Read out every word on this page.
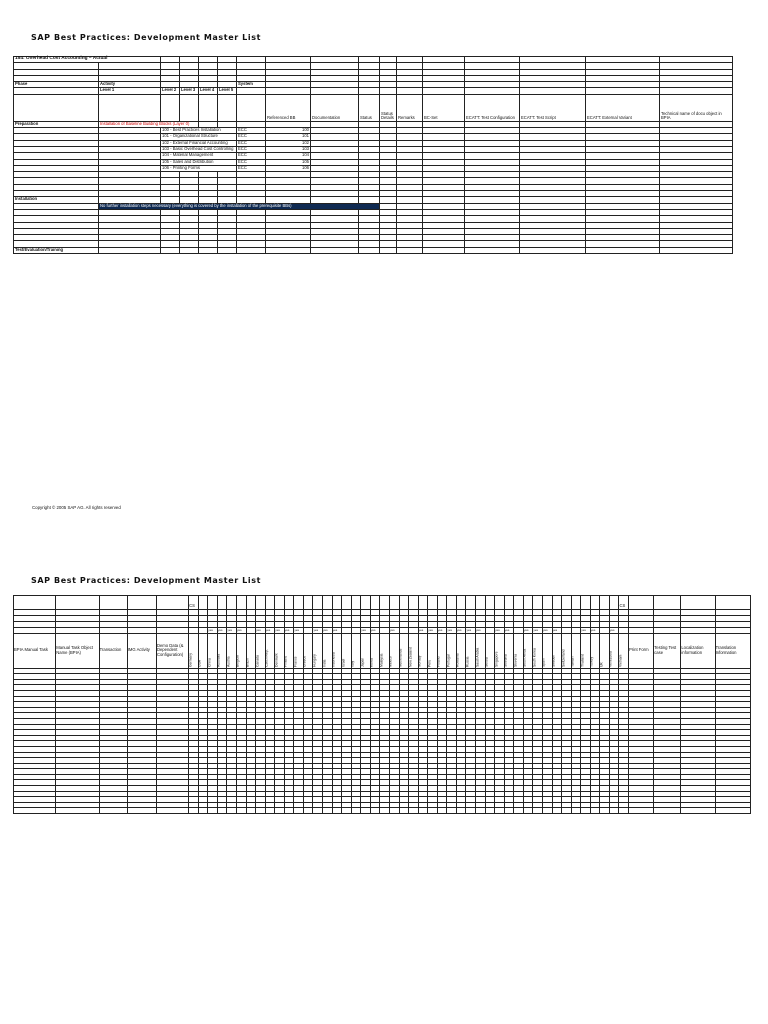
SAP Best Practices: Development Master List

154: Overhead Cost Accounting – Actual																

Phase	Activity					System										
	Level 1	Level 2	Level 3	Level 4	Level 5											
							Referenced BB	Documentation	Status	Status Details	Remarks	BC-Set	ECATT: Test Configuration	ECATT: Test Script	ECATT: External Variant	Technical name of docu object in BPIA
Preparation	Installation of Baseline Building Blocks (Layer 0)															
		100 - Best Practices Installation				ECC	100									
		101 - Organizational Structure				ECC	101									
		102 - External Financial Accounting				ECC	102									
		103 - Basic Overhead Cost Controlling				ECC	103									
		104 - Material Management				ECC	104									
		105 - Sales and Distribution				ECC	105									
		106 - Printing Forms				ECC	106									

Installation																
	No further installation steps necessary (everything is covered by the installation of the prerequisite BBs)															

Test/Evaluation/Training																
SAP Best Practices: Development Master List
Copyright © 2005 SAP AG. All rights reserved
					CS																																													CS				

							yes	yes	yes	yes		yes	yes	yes	yes	yes		yes	yes	yes			yes	yes		yes			yes	yes	yes	yes	yes	yes	yes		yes	yes		yes	yes	yes	yes			yes	yes		yes					
BPIA Manual Task	Manual Task Object Name (BPIA)	Transaction	IMG Activity	Demo Data (& Dependent Configuration)	Germany	USA	China	Australia	Austria	Belgium	Brazil	Canada	Czech Rep.	Denmark	Finland	France	Greece	Hungary	India	Indonesia	Israel	Italy	Japan	Korea	Malaysia	Mexico	Netherlands	New Zealand	Norway	Peru	Poland	Portugal	Romania	Russia	Saudi Arabia	Serbia	Singapore	Slovakia	Slovenia	South Africa	South Korea	Spain	Sweden	Switzerland	Taiwan	Thailand	Turkey	UK	Venezuela	Vietnam	Print Form	Testing Test case	Localization information	Translation Information
